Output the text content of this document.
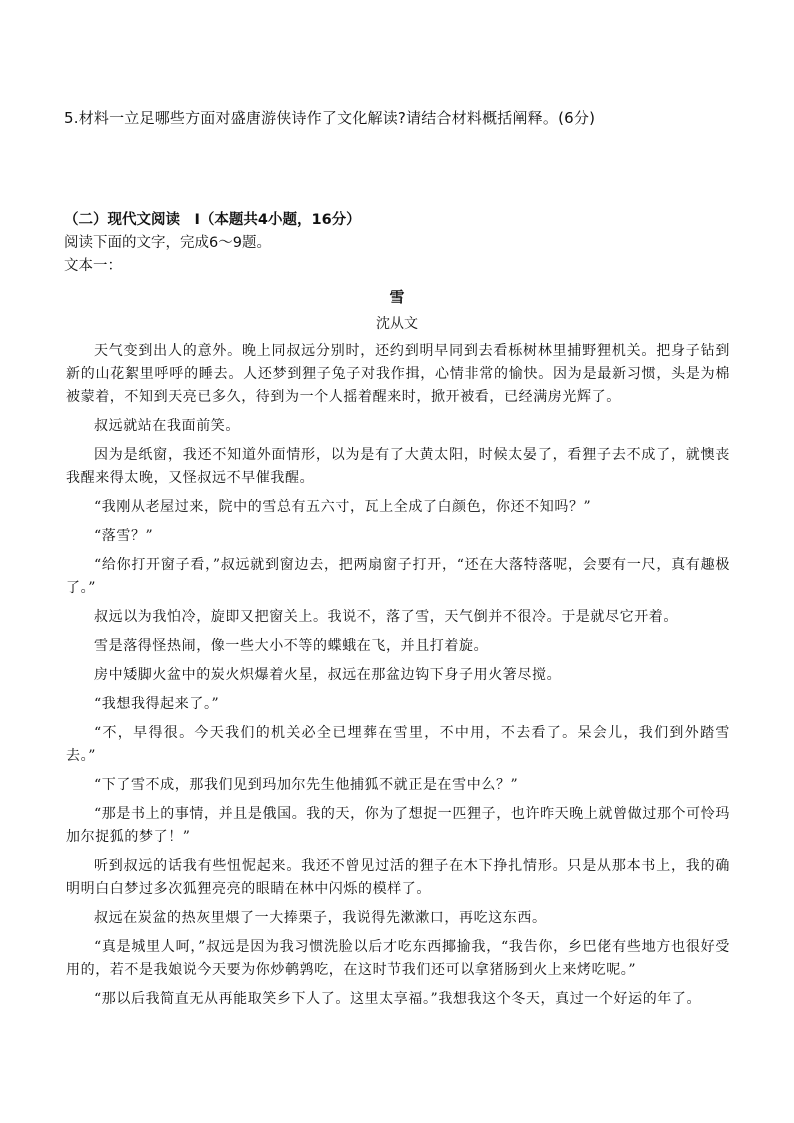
5.材料一立足哪些方面对盛唐游侠诗作了文化解读?请结合材料概括阐释。(6分)
（二）现代文阅读　Ⅰ（本题共4小题，16分）
阅读下面的文字，完成6～9题。
文本一：
雪
沈从文

天气变到出人的意外。晚上同叔远分别时，还约到明早同到去看栎树林里捕野狸机关。把身子钻到新的山花絮里呼呼的睡去。人还梦到狸子兔子对我作揖，心情非常的愉快。因为是最新习惯，头是为棉被蒙着，不知到天亮已多久，待到为一个人摇着醒来时，掀开被看，已经满房光辉了。

叔远就站在我面前笑。

因为是纸窗，我还不知道外面情形，以为是有了大黄太阳，时候太晏了，看狸子去不成了，就懊丧我醒来得太晚，又怪叔远不早催我醒。

“我刚从老屋过来，院中的雪总有五六寸，瓦上全成了白颜色，你还不知吗？”

“落雪？”

“给你打开窗子看，”叔远就到窗边去，把两扇窗子打开，“还在大落特落呢，会要有一尺，真有趣极了。”

叔远以为我怕冷，旋即又把窗关上。我说不，落了雪，天气倒并不很冷。于是就尽它开着。

雪是落得怪热闹，像一些大小不等的蝶蛾在飞，并且打着旋。

房中矮脚火盆中的炭火炽爆着火星，叔远在那盆边钩下身子用火箸尽搅。

“我想我得起来了。”

“不，早得很。今天我们的机关必全已埋葬在雪里，不中用，不去看了。呆会儿，我们到外踏雪去。”

“下了雪不成，那我们见到玛加尔先生他捕狐不就正是在雪中么？”

“那是书上的事情，并且是俄国。我的天，你为了想捉一匹狸子，也许昨天晚上就曾做过那个可怜玛加尔捉狐的梦了！”

听到叔远的话我有些忸怩起来。我还不曾见过活的狸子在木下挣扎情形。只是从那本书上，我的确明明白白梦过多次狐狸亮亮的眼睛在林中闪烁的模样了。

叔远在炭盆的热灰里煨了一大捧栗子，我说得先漱漱口，再吃这东西。

“真是城里人呵，”叔远是因为我习惯洗脸以后才吃东西揶揄我，“我告你，乡巴佬有些地方也很好受用的，若不是我娘说今天要为你炒鹌鹑吃，在这时节我们还可以拿猪肠到火上来烤吃呢。”

“那以后我简直无从再能取笑乡下人了。这里太享福。”我想我这个冬天，真过一个好运的年了。
